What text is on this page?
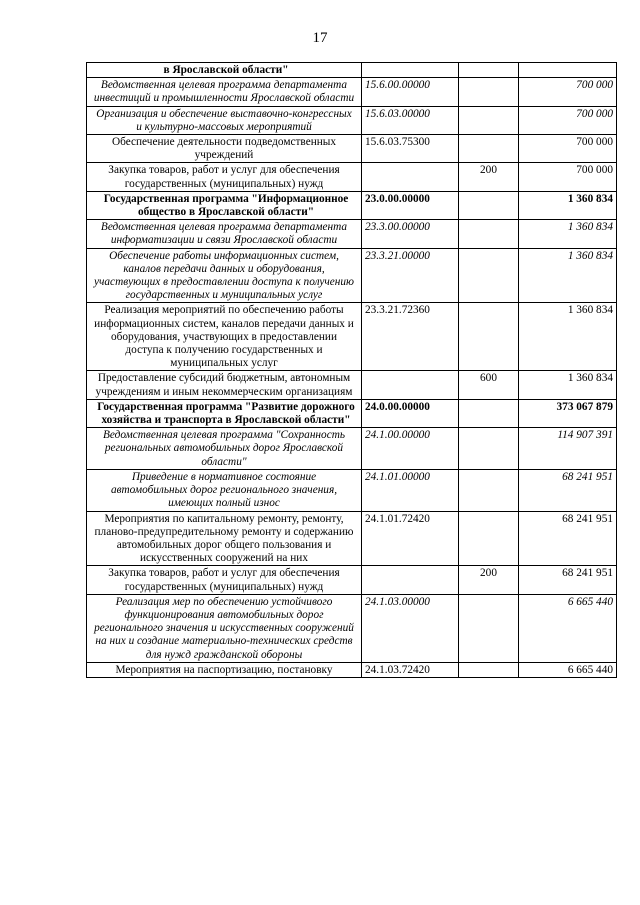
17
в Ярославской области"			
Ведомственная целевая программа департамента инвестиций и промышленности Ярославской области	15.6.00.00000		700 000
Организация и обеспечение выставочно-конгрессных и культурно-массовых мероприятий	15.6.03.00000		700 000
Обеспечение деятельности подведомственных учреждений	15.6.03.75300		700 000
Закупка товаров, работ и услуг для обеспечения государственных (муниципальных) нужд		200	700 000
Государственная программа "Информационное общество в Ярославской области"	23.0.00.00000		1 360 834
Ведомственная целевая программа департамента информатизации и связи Ярославской области	23.3.00.00000		1 360 834
Обеспечение работы информационных систем, каналов передачи данных и оборудования, участвующих в предоставлении доступа к получению государственных и муниципальных услуг	23.3.21.00000		1 360 834
Реализация мероприятий по обеспечению работы информационных систем, каналов передачи данных и оборудования, участвующих в предоставлении доступа к получению государственных и муниципальных услуг	23.3.21.72360		1 360 834
Предоставление субсидий бюджетным, автономным учреждениям и иным некоммерческим организациям		600	1 360 834
Государственная программа "Развитие дорожного хозяйства и транспорта в Ярославской области"	24.0.00.00000		373 067 879
Ведомственная целевая программа "Сохранность региональных автомобильных дорог Ярославской области"	24.1.00.00000		114 907 391
Приведение в нормативное состояние автомобильных дорог регионального значения, имеющих полный износ	24.1.01.00000		68 241 951
Мероприятия по капитальному ремонту, ремонту, планово-предупредительному ремонту и содержанию автомобильных дорог общего пользования и искусственных сооружений на них	24.1.01.72420		68 241 951
Закупка товаров, работ и услуг для обеспечения государственных (муниципальных) нужд		200	68 241 951
Реализация мер по обеспечению устойчивого функционирования автомобильных дорог регионального значения и искусственных сооружений на них и создание материально-технических средств для нужд гражданской обороны	24.1.03.00000		6 665 440
Мероприятия на паспортизацию, постановку	24.1.03.72420		6 665 440
